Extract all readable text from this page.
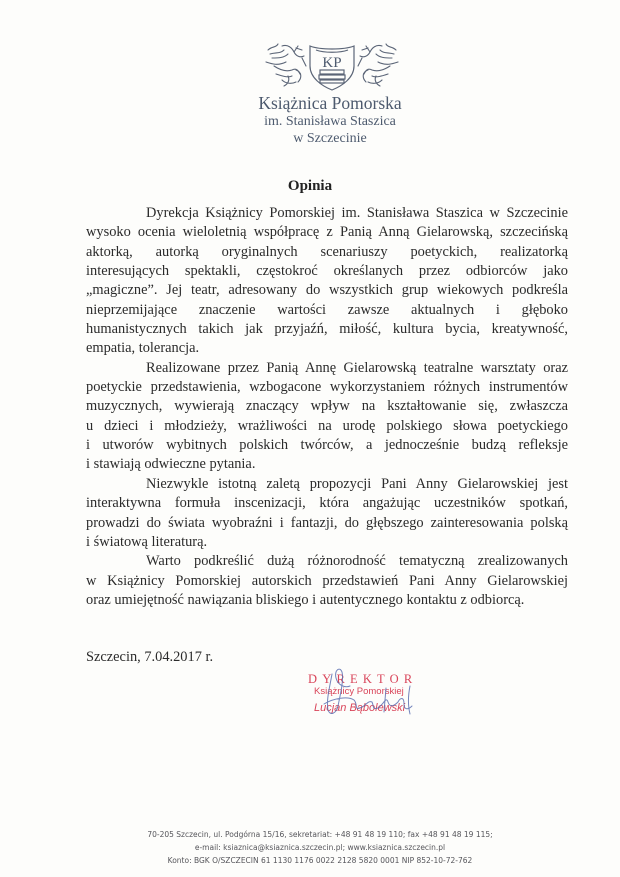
KP
Książnica Pomorska
im. Stanisława Staszica
w Szczecinie
Opinia
Dyrekcja Książnicy Pomorskiej im. Stanisława Staszica w Szczecinie
wysoko ocenia wieloletnią współpracę z Panią Anną Gielarowską, szczecińską
aktorką, autorką oryginalnych scenariuszy poetyckich, realizatorką
interesujących spektakli, częstokroć określanych przez odbiorców jako
„magiczne”. Jej teatr, adresowany do wszystkich grup wiekowych podkreśla
nieprzemijające znaczenie wartości zawsze aktualnych i głęboko
humanistycznych takich jak przyjaźń, miłość, kultura bycia, kreatywność,
empatia, tolerancja.
Realizowane przez Panią Annę Gielarowską teatralne warsztaty oraz
poetyckie przedstawienia, wzbogacone wykorzystaniem różnych instrumentów
muzycznych, wywierają znaczący wpływ na kształtowanie się, zwłaszcza
u dzieci i młodzieży, wrażliwości na urodę polskiego słowa poetyckiego
i utworów wybitnych polskich twórców, a jednocześnie budzą refleksje
i stawiają odwieczne pytania.
Niezwykle istotną zaletą propozycji Pani Anny Gielarowskiej jest
interaktywna formuła inscenizacji, która angażując uczestników spotkań,
prowadzi do świata wyobraźni i fantazji, do głębszego zainteresowania polską
i światową literaturą.
Warto podkreślić dużą różnorodność tematyczną zrealizowanych
w Książnicy Pomorskiej autorskich przedstawień Pani Anny Gielarowskiej
oraz umiejętność nawiązania bliskiego i autentycznego kontaktu z odbiorcą.
Szczecin, 7.04.2017 r.
DYREKTOR
Książnicy Pomorskiej
Lucjan Bąbolewski
70-205 Szczecin, ul. Podgórna 15/16, sekretariat: +48 91 48 19 110; fax +48 91 48 19 115;
e-mail: ksiaznica@ksiaznica.szczecin.pl; www.ksiaznica.szczecin.pl
Konto: BGK O/SZCZECIN 61 1130 1176 0022 2128 5820 0001 NIP 852-10-72-762
